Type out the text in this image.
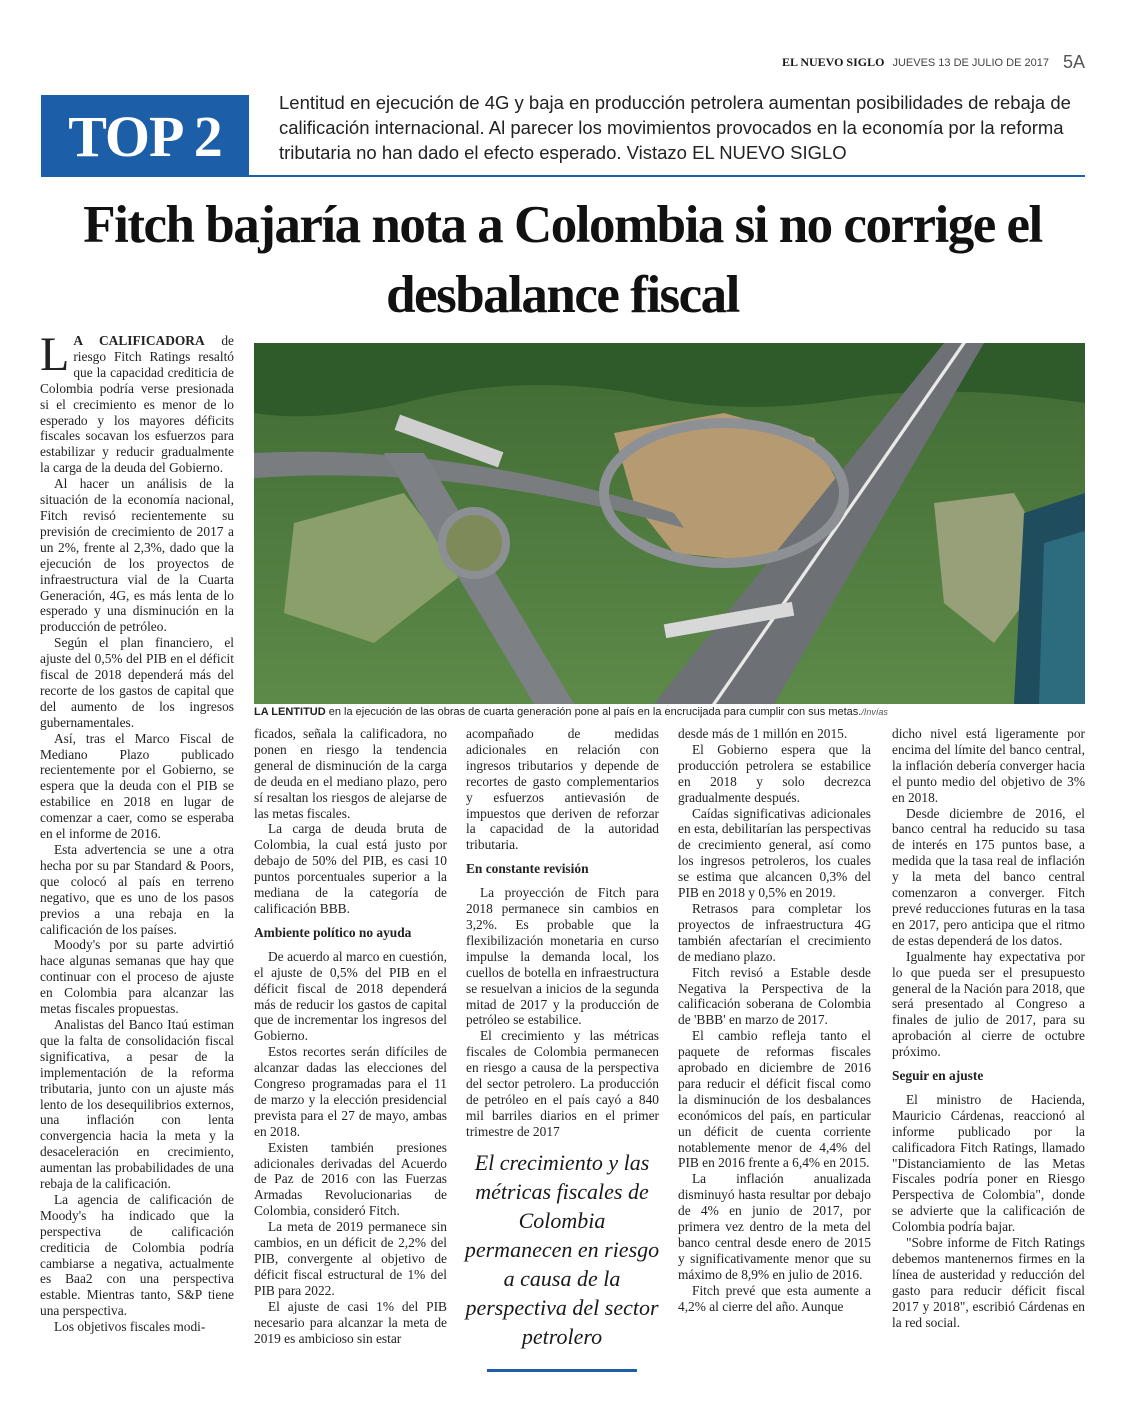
EL NUEVO SIGLO JUEVES 13 DE JULIO DE 2017 5A
TOP 2
Lentitud en ejecución de 4G y baja en producción petrolera aumentan posibilidades de rebaja de calificación internacional. Al parecer los movimientos provocados en la economía por la reforma tributaria no han dado el efecto esperado. Vistazo EL NUEVO SIGLO
Fitch bajaría nota a Colombia si no corrige el desbalance fiscal

L A CALIFICADORA de riesgo Fitch Ratings resaltó que la capacidad crediticia de Colombia podría verse presionada si el crecimiento es menor de lo esperado y los mayores déficits fiscales socavan los esfuerzos para estabilizar y reducir gradualmente la carga de la deuda del Gobierno.

Al hacer un análisis de la situación de la economía nacional, Fitch revisó recientemente su previsión de crecimiento de 2017 a un 2%, frente al 2,3%, dado que la ejecución de los proyectos de infraestructura vial de la Cuarta Generación, 4G, es más lenta de lo esperado y una disminución en la producción de petróleo.

Según el plan financiero, el ajuste del 0,5% del PIB en el déficit fiscal de 2018 dependerá más del recorte de los gastos de capital que del aumento de los ingresos gubernamentales.

Así, tras el Marco Fiscal de Mediano Plazo publicado recientemente por el Gobierno, se espera que la deuda con el PIB se estabilice en 2018 en lugar de comenzar a caer, como se esperaba en el informe de 2016.

Esta advertencia se une a otra hecha por su par Standard & Poors, que colocó al país en terreno negativo, que es uno de los pasos previos a una rebaja en la calificación de los países.

Moody's por su parte advirtió hace algunas semanas que hay que continuar con el proceso de ajuste en Colombia para alcanzar las metas fiscales propuestas.

Analistas del Banco Itaú estiman que la falta de consolidación fiscal significativa, a pesar de la implementación de la reforma tributaria, junto con un ajuste más lento de los desequilibrios externos, una inflación con lenta convergencia hacia la meta y la desaceleración en crecimiento, aumentan las probabilidades de una rebaja de la calificación.

La agencia de calificación de Moody's ha indicado que la perspectiva de calificación crediticia de Colombia podría cambiarse a negativa, actualmente es Baa2 con una perspectiva estable. Mientras tanto, S&P tiene una perspectiva.

Los objetivos fiscales modi-

LA LENTITUD en la ejecución de las obras de cuarta generación pone al país en la encrucijada para cumplir con sus metas./Invías

ficados, señala la calificadora, no ponen en riesgo la tendencia general de disminución de la carga de deuda en el mediano plazo, pero sí resaltan los riesgos de alejarse de las metas fiscales.

La carga de deuda bruta de Colombia, la cual está justo por debajo de 50% del PIB, es casi 10 puntos porcentuales superior a la mediana de la categoría de calificación BBB.

Ambiente político no ayuda

De acuerdo al marco en cuestión, el ajuste de 0,5% del PIB en el déficit fiscal de 2018 dependerá más de reducir los gastos de capital que de incrementar los ingresos del Gobierno.

Estos recortes serán difíciles de alcanzar dadas las elecciones del Congreso programadas para el 11 de marzo y la elección presidencial prevista para el 27 de mayo, ambas en 2018.

Existen también presiones adicionales derivadas del Acuerdo de Paz de 2016 con las Fuerzas Armadas Revolucionarias de Colombia, consideró Fitch.

La meta de 2019 permanece sin cambios, en un déficit de 2,2% del PIB, convergente al objetivo de déficit fiscal estructural de 1% del PIB para 2022.

El ajuste de casi 1% del PIB necesario para alcanzar la meta de 2019 es ambicioso sin estar

acompañado de medidas adicionales en relación con ingresos tributarios y depende de recortes de gasto complementarios y esfuerzos antievasión de impuestos que deriven de reforzar la capacidad de la autoridad tributaria.

En constante revisión

La proyección de Fitch para 2018 permanece sin cambios en 3,2%. Es probable que la flexibilización monetaria en curso impulse la demanda local, los cuellos de botella en infraestructura se resuelvan a inicios de la segunda mitad de 2017 y la producción de petróleo se estabilice.

El crecimiento y las métricas fiscales de Colombia permanecen en riesgo a causa de la perspectiva del sector petrolero. La producción de petróleo en el país cayó a 840 mil barriles diarios en el primer trimestre de 2017

El crecimiento y las métricas fiscales de Colombia permanecen en riesgo a causa de la perspectiva del sector petrolero

desde más de 1 millón en 2015.

El Gobierno espera que la producción petrolera se estabilice en 2018 y solo decrezca gradualmente después.

Caídas significativas adicionales en esta, debilitarían las perspectivas de crecimiento general, así como los ingresos petroleros, los cuales se estima que alcancen 0,3% del PIB en 2018 y 0,5% en 2019.

Retrasos para completar los proyectos de infraestructura 4G también afectarían el crecimiento de mediano plazo.

Fitch revisó a Estable desde Negativa la Perspectiva de la calificación soberana de Colombia de 'BBB' en marzo de 2017.

El cambio refleja tanto el paquete de reformas fiscales aprobado en diciembre de 2016 para reducir el déficit fiscal como la disminución de los desbalances económicos del país, en particular un déficit de cuenta corriente notablemente menor de 4,4% del PIB en 2016 frente a 6,4% en 2015.

La inflación anualizada disminuyó hasta resultar por debajo de 4% en junio de 2017, por primera vez dentro de la meta del banco central desde enero de 2015 y significativamente menor que su máximo de 8,9% en julio de 2016.

Fitch prevé que esta aumente a 4,2% al cierre del año. Aunque

dicho nivel está ligeramente por encima del límite del banco central, la inflación debería converger hacia el punto medio del objetivo de 3% en 2018.

Desde diciembre de 2016, el banco central ha reducido su tasa de interés en 175 puntos base, a medida que la tasa real de inflación y la meta del banco central comenzaron a converger. Fitch prevé reducciones futuras en la tasa en 2017, pero anticipa que el ritmo de estas dependerá de los datos.

Igualmente hay expectativa por lo que pueda ser el presupuesto general de la Nación para 2018, que será presentado al Congreso a finales de julio de 2017, para su aprobación al cierre de octubre próximo.

Seguir en ajuste

El ministro de Hacienda, Mauricio Cárdenas, reaccionó al informe publicado por la calificadora Fitch Ratings, llamado "Distanciamiento de las Metas Fiscales podría poner en Riesgo Perspectiva de Colombia", donde se advierte que la calificación de Colombia podría bajar.

"Sobre informe de Fitch Ratings debemos mantenernos firmes en la línea de austeridad y reducción del gasto para reducir déficit fiscal 2017 y 2018", escribió Cárdenas en la red social.
